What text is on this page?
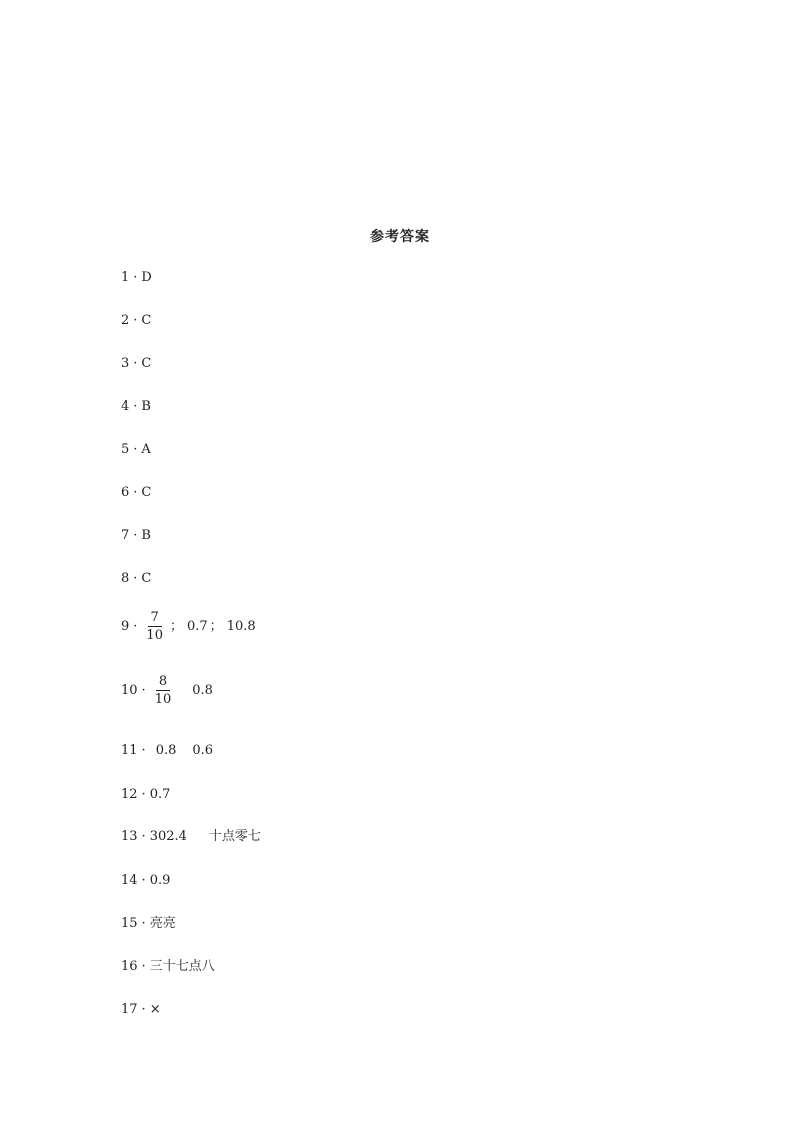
参考答案
1 · D
2 · C
3 · C
4 · B
5 · A
6 · C
7 · B
8 · C
$9 \cdot \frac{7}{10}$ ； 0.7 ； 10.8
$10 \cdot \frac{8}{10} 0.8$
11 · 0.8 0.6
12 · 0.7
13 · 302.4 十点零七
14 · 0.9
15 · 亮亮
16 · 三十七点八
17 · ×
